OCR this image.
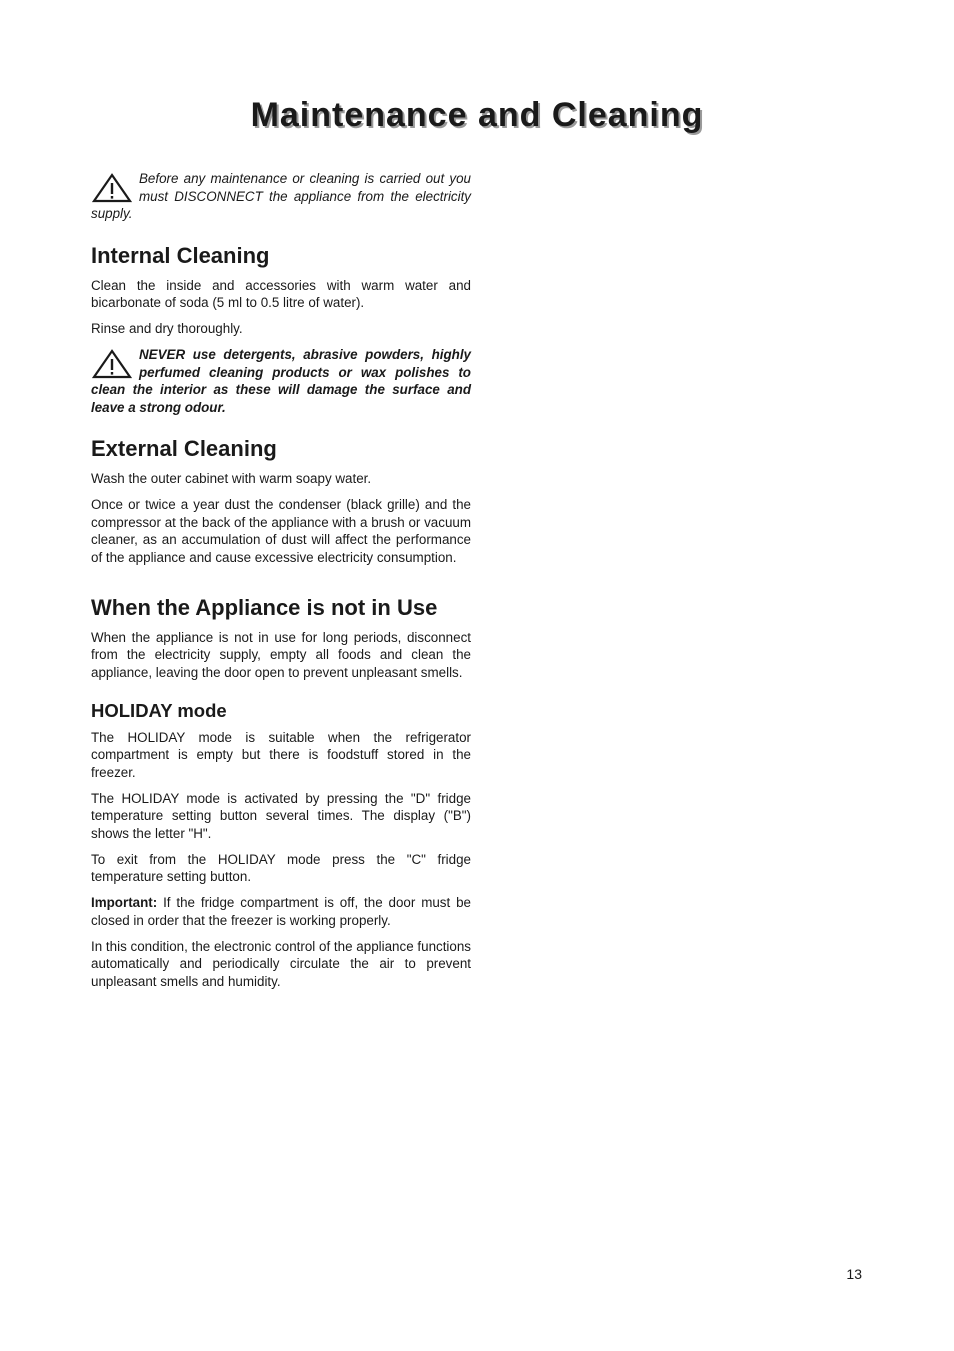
Maintenance and Cleaning

Before any maintenance or cleaning is carried out you must DISCONNECT the appliance from the electricity supply.

Internal Cleaning

Clean the inside and accessories with warm water and bicarbonate of soda (5 ml to 0.5 litre of water).

Rinse and dry thoroughly.

NEVER use detergents, abrasive powders, highly perfumed cleaning products or wax polishes to clean the interior as these will damage the surface and leave a strong odour.

External Cleaning

Wash the outer cabinet with warm soapy water.

Once or twice a year dust the condenser (black grille) and the compressor at the back of the appliance with a brush or vacuum cleaner, as an accumulation of dust will affect the performance of the appliance and cause excessive electricity consumption.

When the Appliance is not in Use

When the appliance is not in use for long periods, disconnect from the electricity supply, empty all foods and clean the appliance, leaving the door open to prevent unpleasant smells.

HOLIDAY mode

The HOLIDAY mode is suitable when the refrigerator compartment is empty but there is foodstuff stored in the freezer.

The HOLIDAY mode is activated by pressing the "D" fridge temperature setting button several times. The display ("B") shows the letter "H".

To exit from the HOLIDAY mode press the "C" fridge temperature setting button.

Important: If the fridge compartment is off, the door must be closed in order that the freezer is working properly.

In this condition, the electronic control of the appliance functions automatically and periodically circulate the air to prevent unpleasant smells and humidity.

13
